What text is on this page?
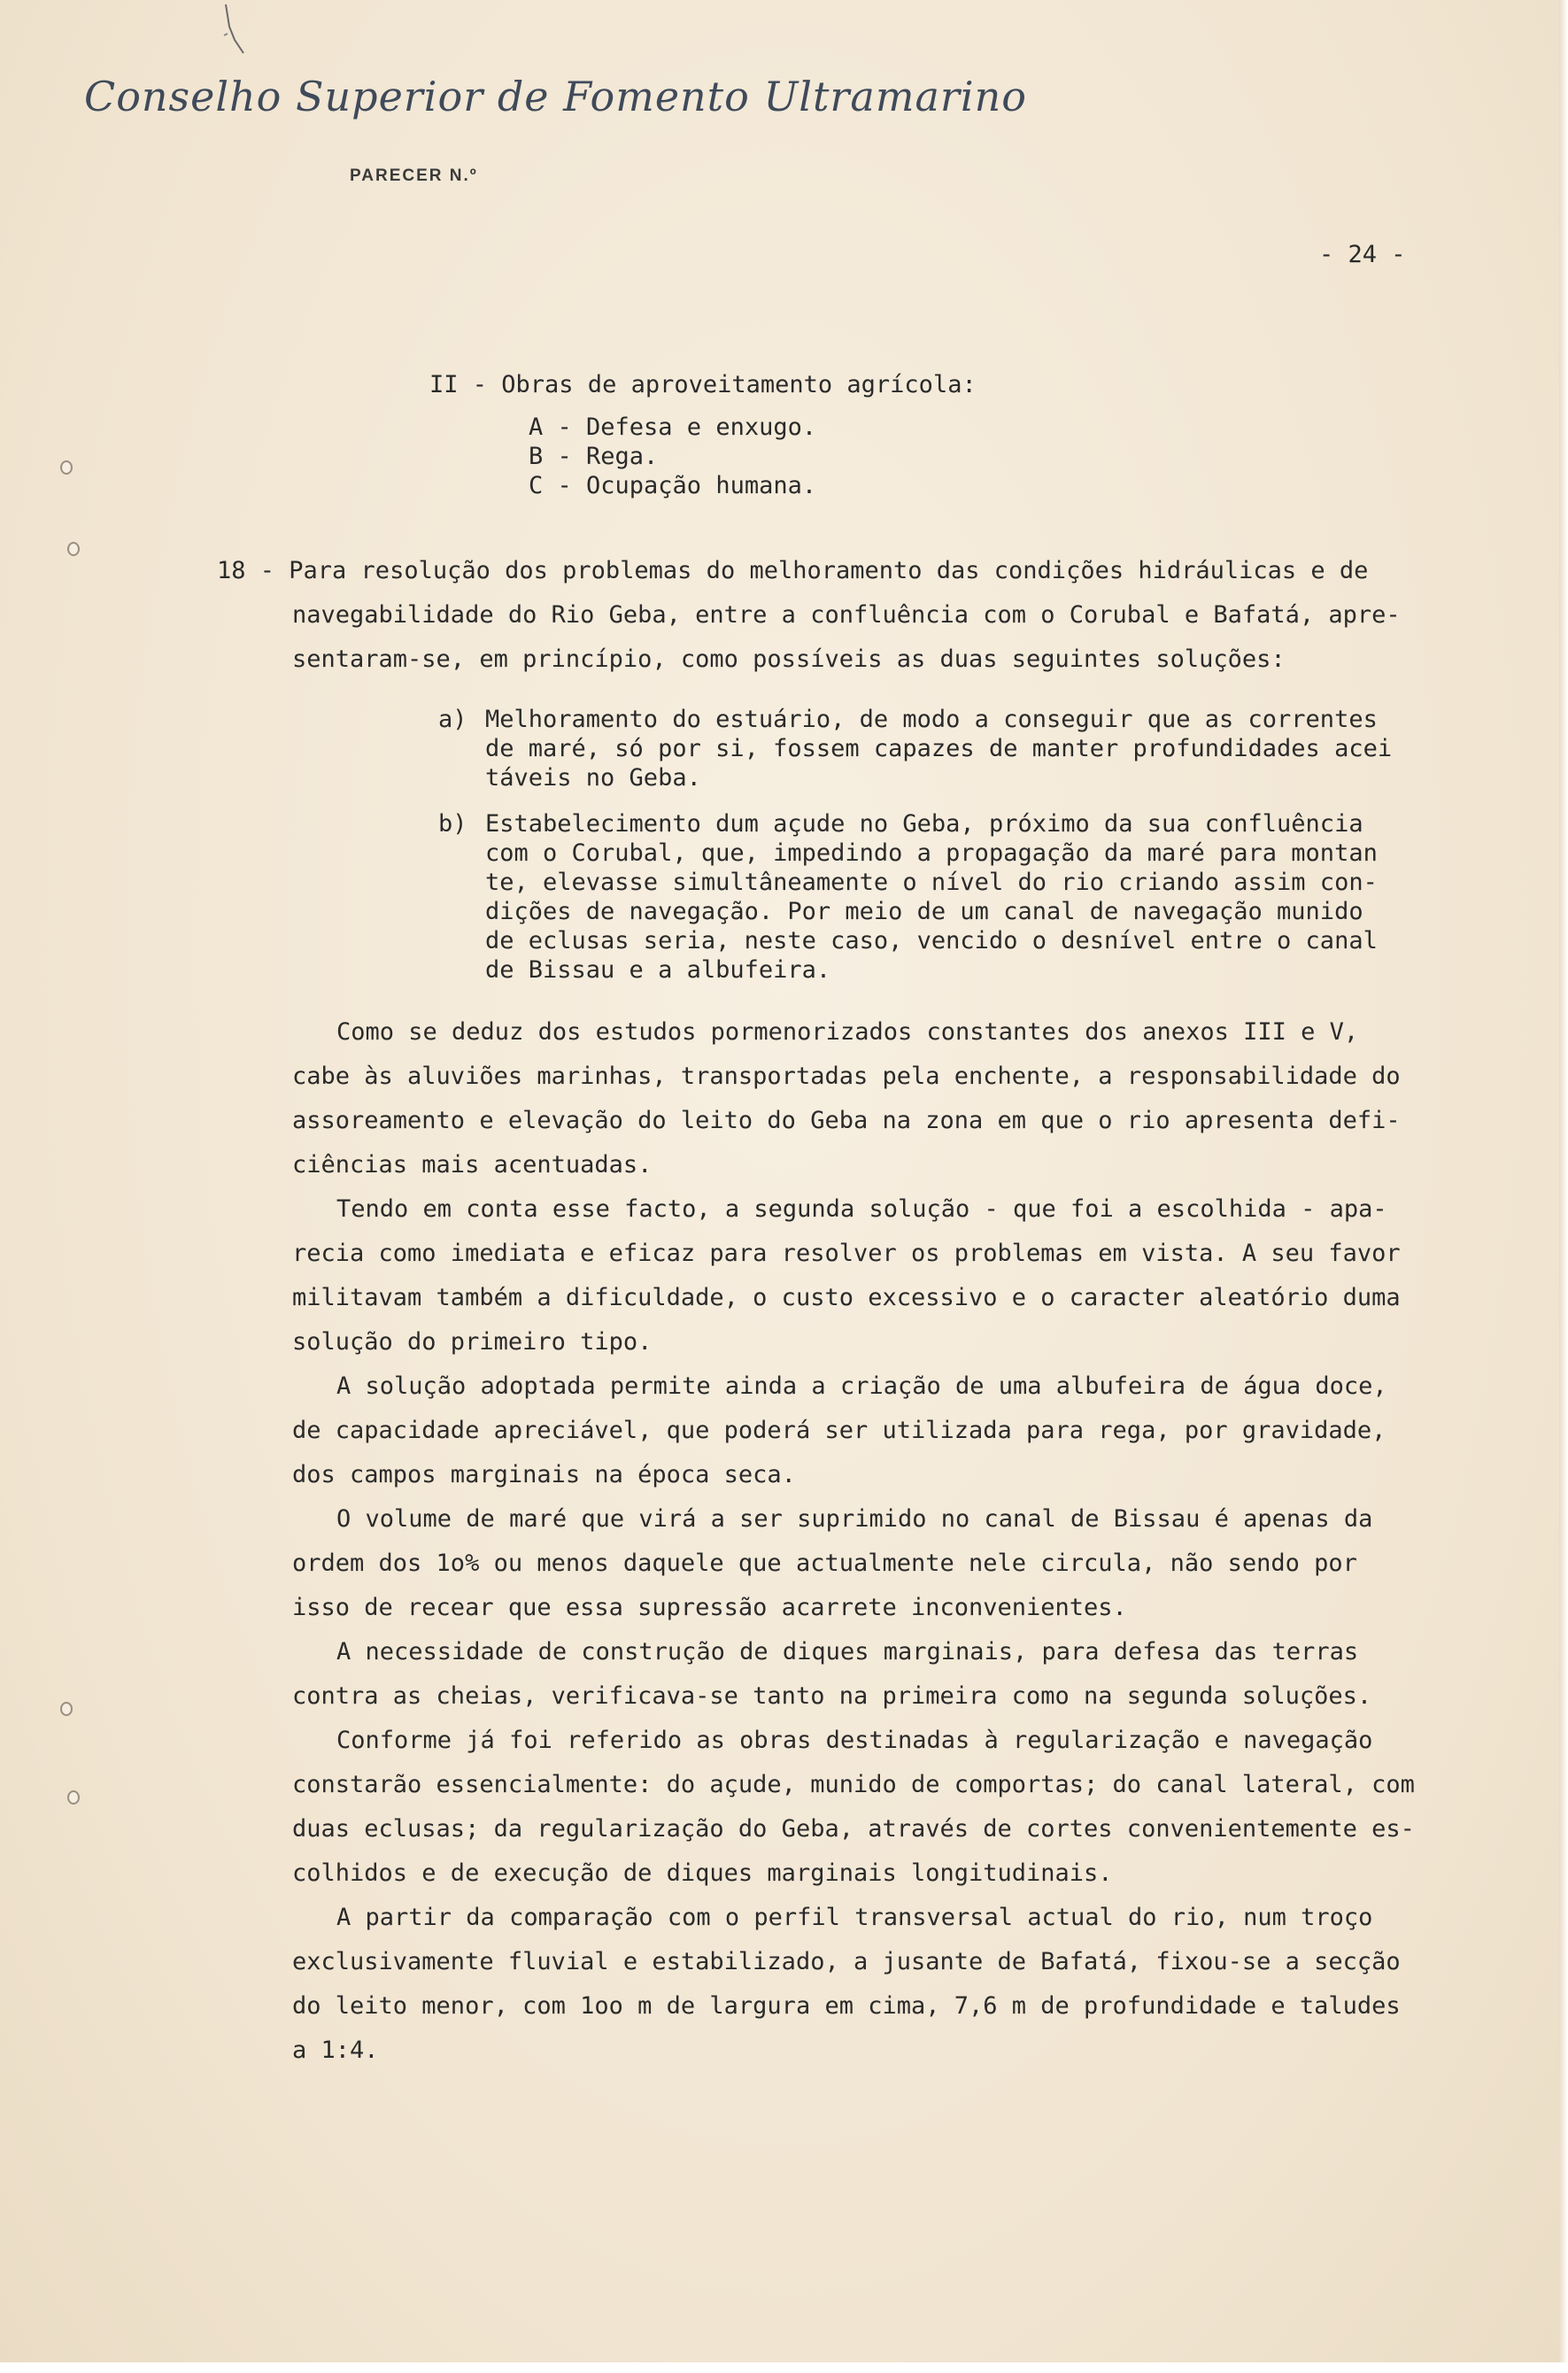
Conselho Superior de Fomento Ultramarino
PARECER N.º
- 24 -
II - Obras de aproveitamento agrícola:
A - Defesa e enxugo.
B - Rega.
C - Ocupação humana.
18 - Para resolução dos problemas do melhoramento das condições hidráulicas e de
navegabilidade do Rio Geba, entre a confluência com o Corubal e Bafatá, apre-
sentaram-se, em princípio, como possíveis as duas seguintes soluções:
a) Melhoramento do estuário, de modo a conseguir que as correntes
de maré, só por si, fossem capazes de manter profundidades acei
táveis no Geba.
b) Estabelecimento dum açude no Geba, próximo da sua confluência
com o Corubal, que, impedindo a propagação da maré para montan
te, elevasse simultâneamente o nível do rio criando assim con-
dições de navegação. Por meio de um canal de navegação munido
de eclusas seria, neste caso, vencido o desnível entre o canal
de Bissau e a albufeira.
Como se deduz dos estudos pormenorizados constantes dos anexos III e V,
cabe às aluviões marinhas, transportadas pela enchente, a responsabilidade do
assoreamento e elevação do leito do Geba na zona em que o rio apresenta defi-
ciências mais acentuadas.
Tendo em conta esse facto, a segunda solução - que foi a escolhida - apa-
recia como imediata e eficaz para resolver os problemas em vista. A seu favor
militavam também a dificuldade, o custo excessivo e o caracter aleatório duma
solução do primeiro tipo.
A solução adoptada permite ainda a criação de uma albufeira de água doce,
de capacidade apreciável, que poderá ser utilizada para rega, por gravidade,
dos campos marginais na época seca.
O volume de maré que virá a ser suprimido no canal de Bissau é apenas da
ordem dos 1o% ou menos daquele que actualmente nele circula, não sendo por
isso de recear que essa supressão acarrete inconvenientes.
A necessidade de construção de diques marginais, para defesa das terras
contra as cheias, verificava-se tanto na primeira como na segunda soluções.
Conforme já foi referido as obras destinadas à regularização e navegação
constarão essencialmente: do açude, munido de comportas; do canal lateral, com
duas eclusas; da regularização do Geba, através de cortes convenientemente es-
colhidos e de execução de diques marginais longitudinais.
A partir da comparação com o perfil transversal actual do rio, num troço
exclusivamente fluvial e estabilizado, a jusante de Bafatá, fixou-se a secção
do leito menor, com 1oo m de largura em cima, 7,6 m de profundidade e taludes
a 1:4.
